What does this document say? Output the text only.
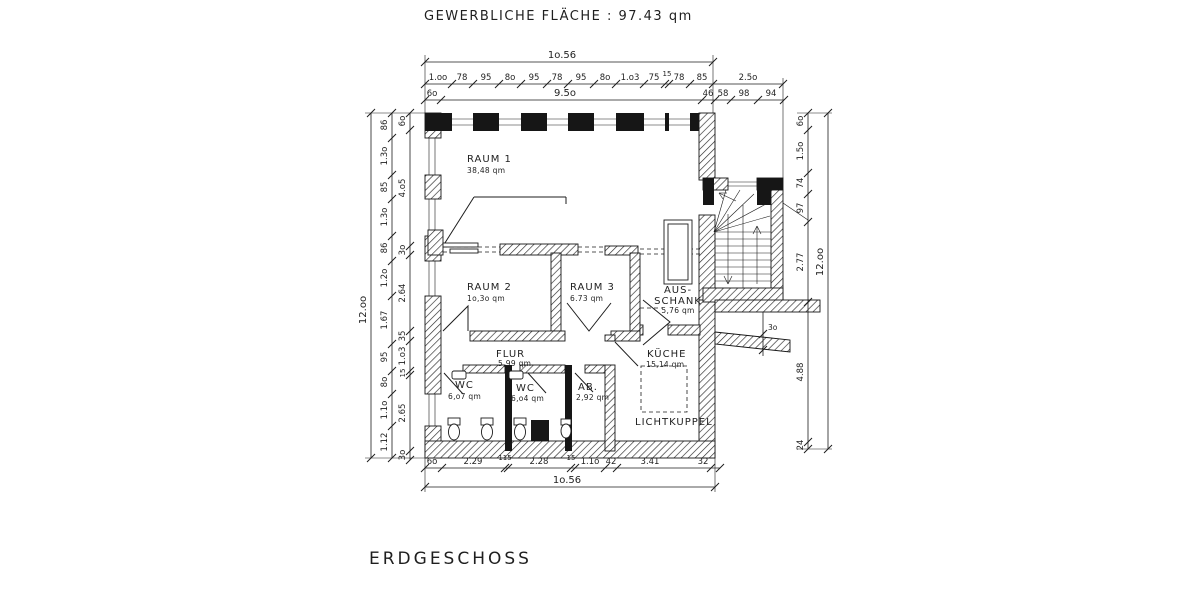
GEWERBLICHE FLÄCHE : 97.43 qm
ERDGESCHOSS
RAUM 1
38,48 qm
RAUM 2
1o,3o qm
RAUM 3
6.73 qm
AUS-
SCHANK
5,76 qm
FLUR
5,99 qm
WC
6,o7 qm
WC
6,o4 qm
AB.
2,92 qm
KÜCHE
15,14 qm
LICHTKUPPEL
1o.56
1.oo 78 95 8o 95 78 95 8o 1.o3 75 15 78 85	2.5o
6o	9.5o	46 58 98 94
6o	2.29 115 2.28	15 1.1o 42	3.41	32
1o.56
12.oo
86
1.3o
85
1.3o
86
1.2o
1.67
95
8o
1.1o
1.12
6o
4.o5
3o
2.64
35
1.o3
15
2.65
3o
6o
1.5o
74
97
2.77
4.88
24
12.oo
3o
